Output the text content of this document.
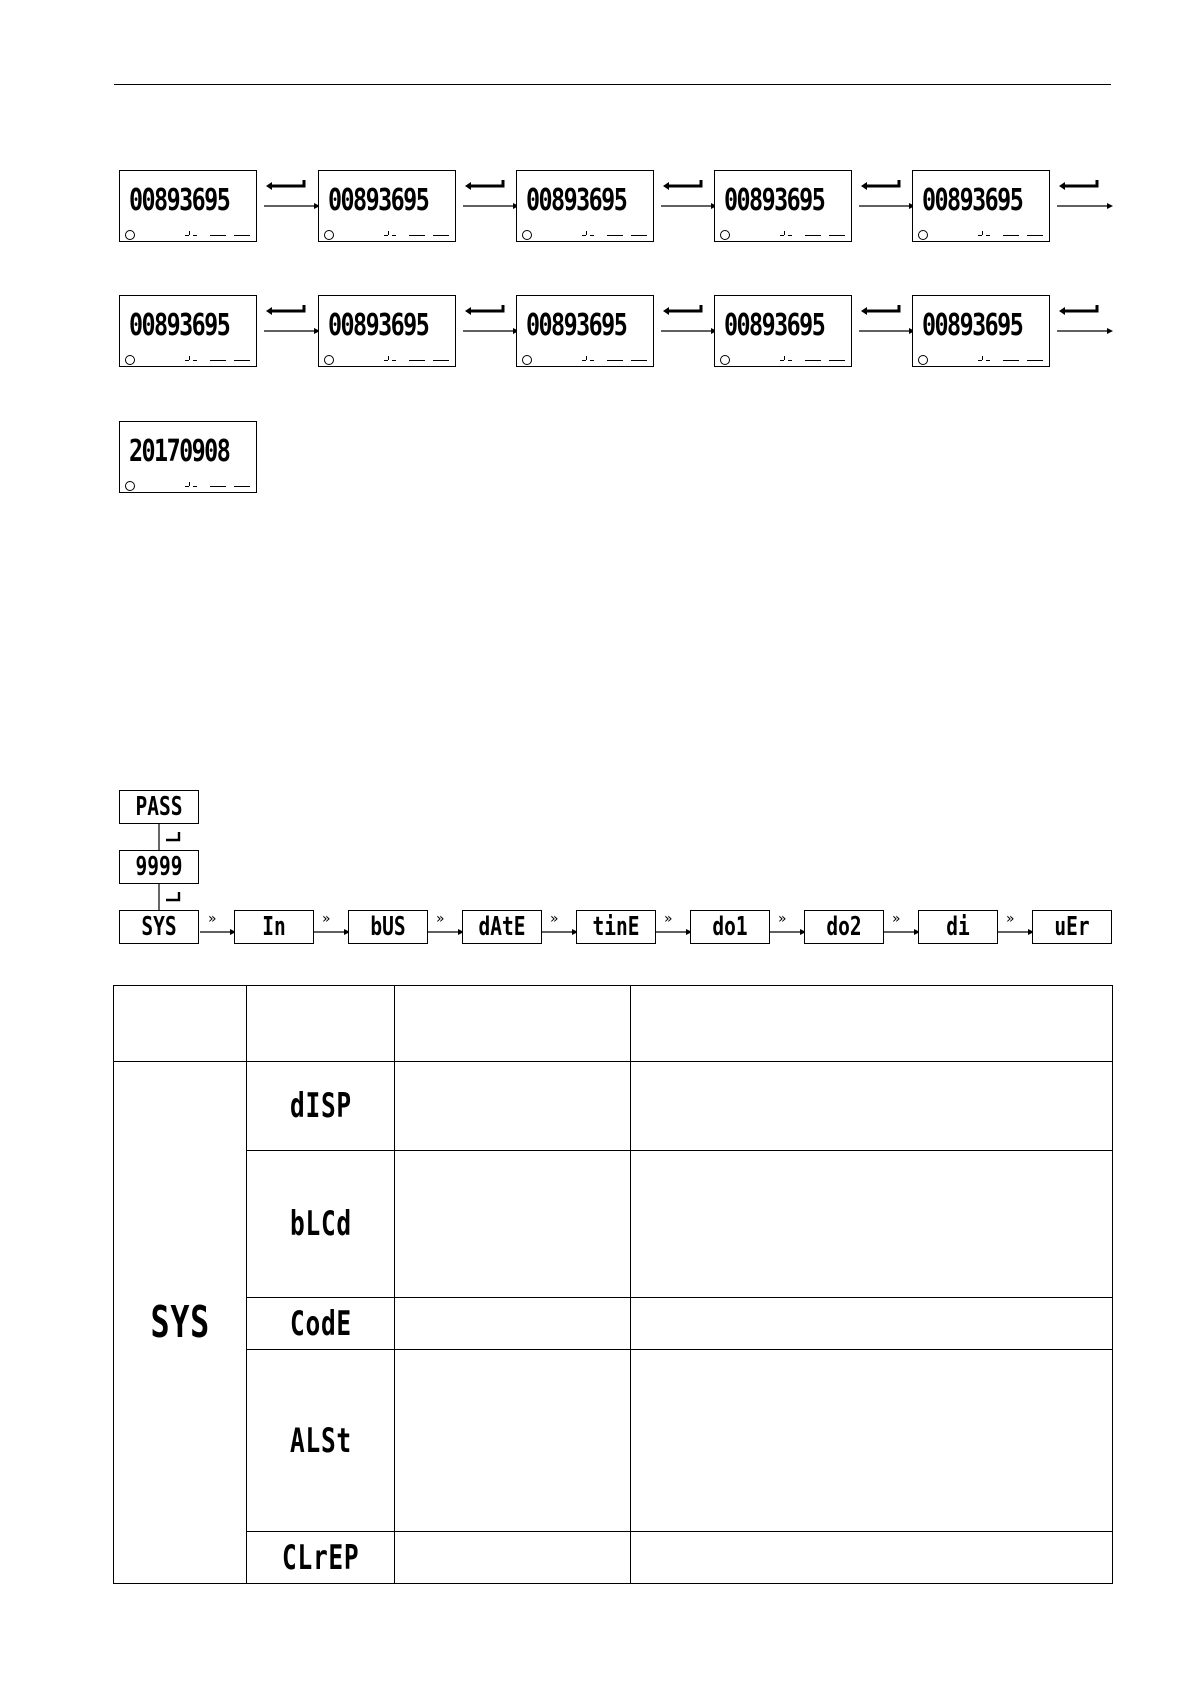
00893695	00893695	00893695	00893695	00893695
00893695	00893695	00893695	00893695	00893695
20170908
PASS
9999
SYS	»	In	»	bUS	» dAtE	» tinE	»	do1	»	do2	»	di	»	uEr

SYS	dISP		
	bLCd		
	CodE		
	ALSt		
	CLrEP		
